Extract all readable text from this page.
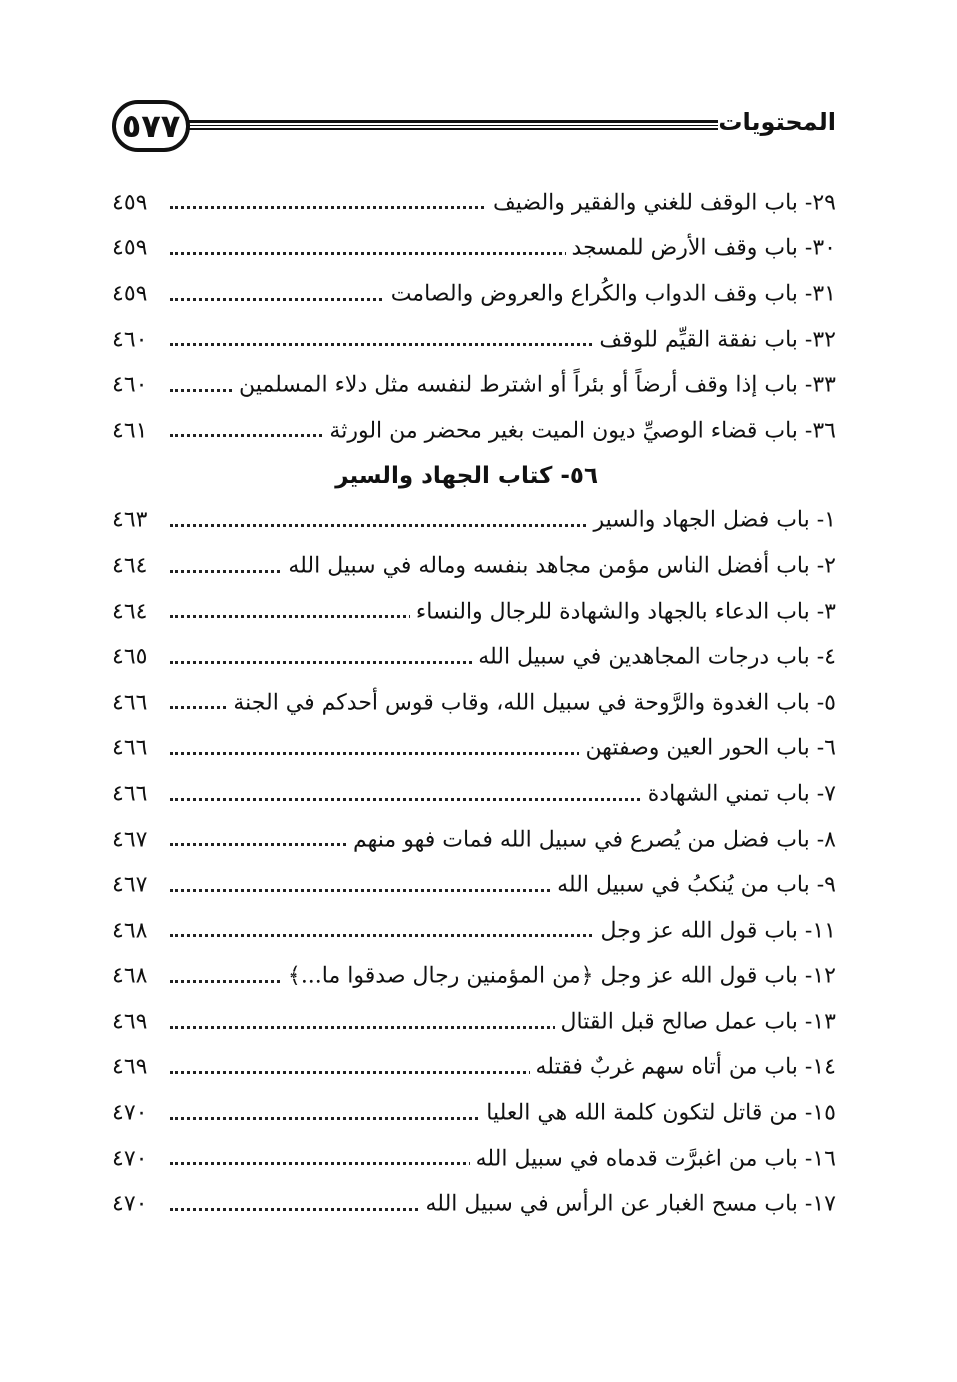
٥٧٧	المحتويات
٢٩- باب الوقف للغني والفقير والضيف
٤٥٩
٣٠- باب وقف الأرض للمسجد
٤٥٩
٣١- باب وقف الدواب والكُراع والعروض والصامت
٤٥٩
٣٢- باب نفقة القيِّم للوقف
٤٦٠
٣٣- باب إذا وقف أرضاً أو بئراً أو اشترط لنفسه مثل دلاء المسلمين
٤٦٠
٣٦- باب قضاء الوصيِّ ديون الميت بغير محضر من الورثة
٤٦١
٥٦- كتاب الجهاد والسير
١- باب فضل الجهاد والسير
٤٦٣
٢- باب أفضل الناس مؤمن مجاهد بنفسه وماله في سبيل الله
٤٦٤
٣- باب الدعاء بالجهاد والشهادة للرجال والنساء
٤٦٤
٤- باب درجات المجاهدين في سبيل الله
٤٦٥
٥- باب الغدوة والرَّوحة في سبيل الله، وقاب قوس أحدكم في الجنة
٤٦٦
٦- باب الحور العين وصفتهن
٤٦٦
٧- باب تمني الشهادة
٤٦٦
٨- باب فضل من يُصرع في سبيل الله فمات فهو منهم
٤٦٧
٩- باب من يُنكبُ في سبيل الله
٤٦٧
١١- باب قول الله عز وجل
٤٦٨
١٢- باب قول الله عز وجل ﴿من المؤمنين رجال صدقوا ما...﴾
٤٦٨
١٣- باب عمل صالح قبل القتال
٤٦٩
١٤- باب من أتاه سهم غربٌ فقتله
٤٦٩
١٥- من قاتل لتكون كلمة الله هي العليا
٤٧٠
١٦- باب من اغبرَّت قدماه في سبيل الله
٤٧٠
١٧- باب مسح الغبار عن الرأس في سبيل الله
٤٧٠
